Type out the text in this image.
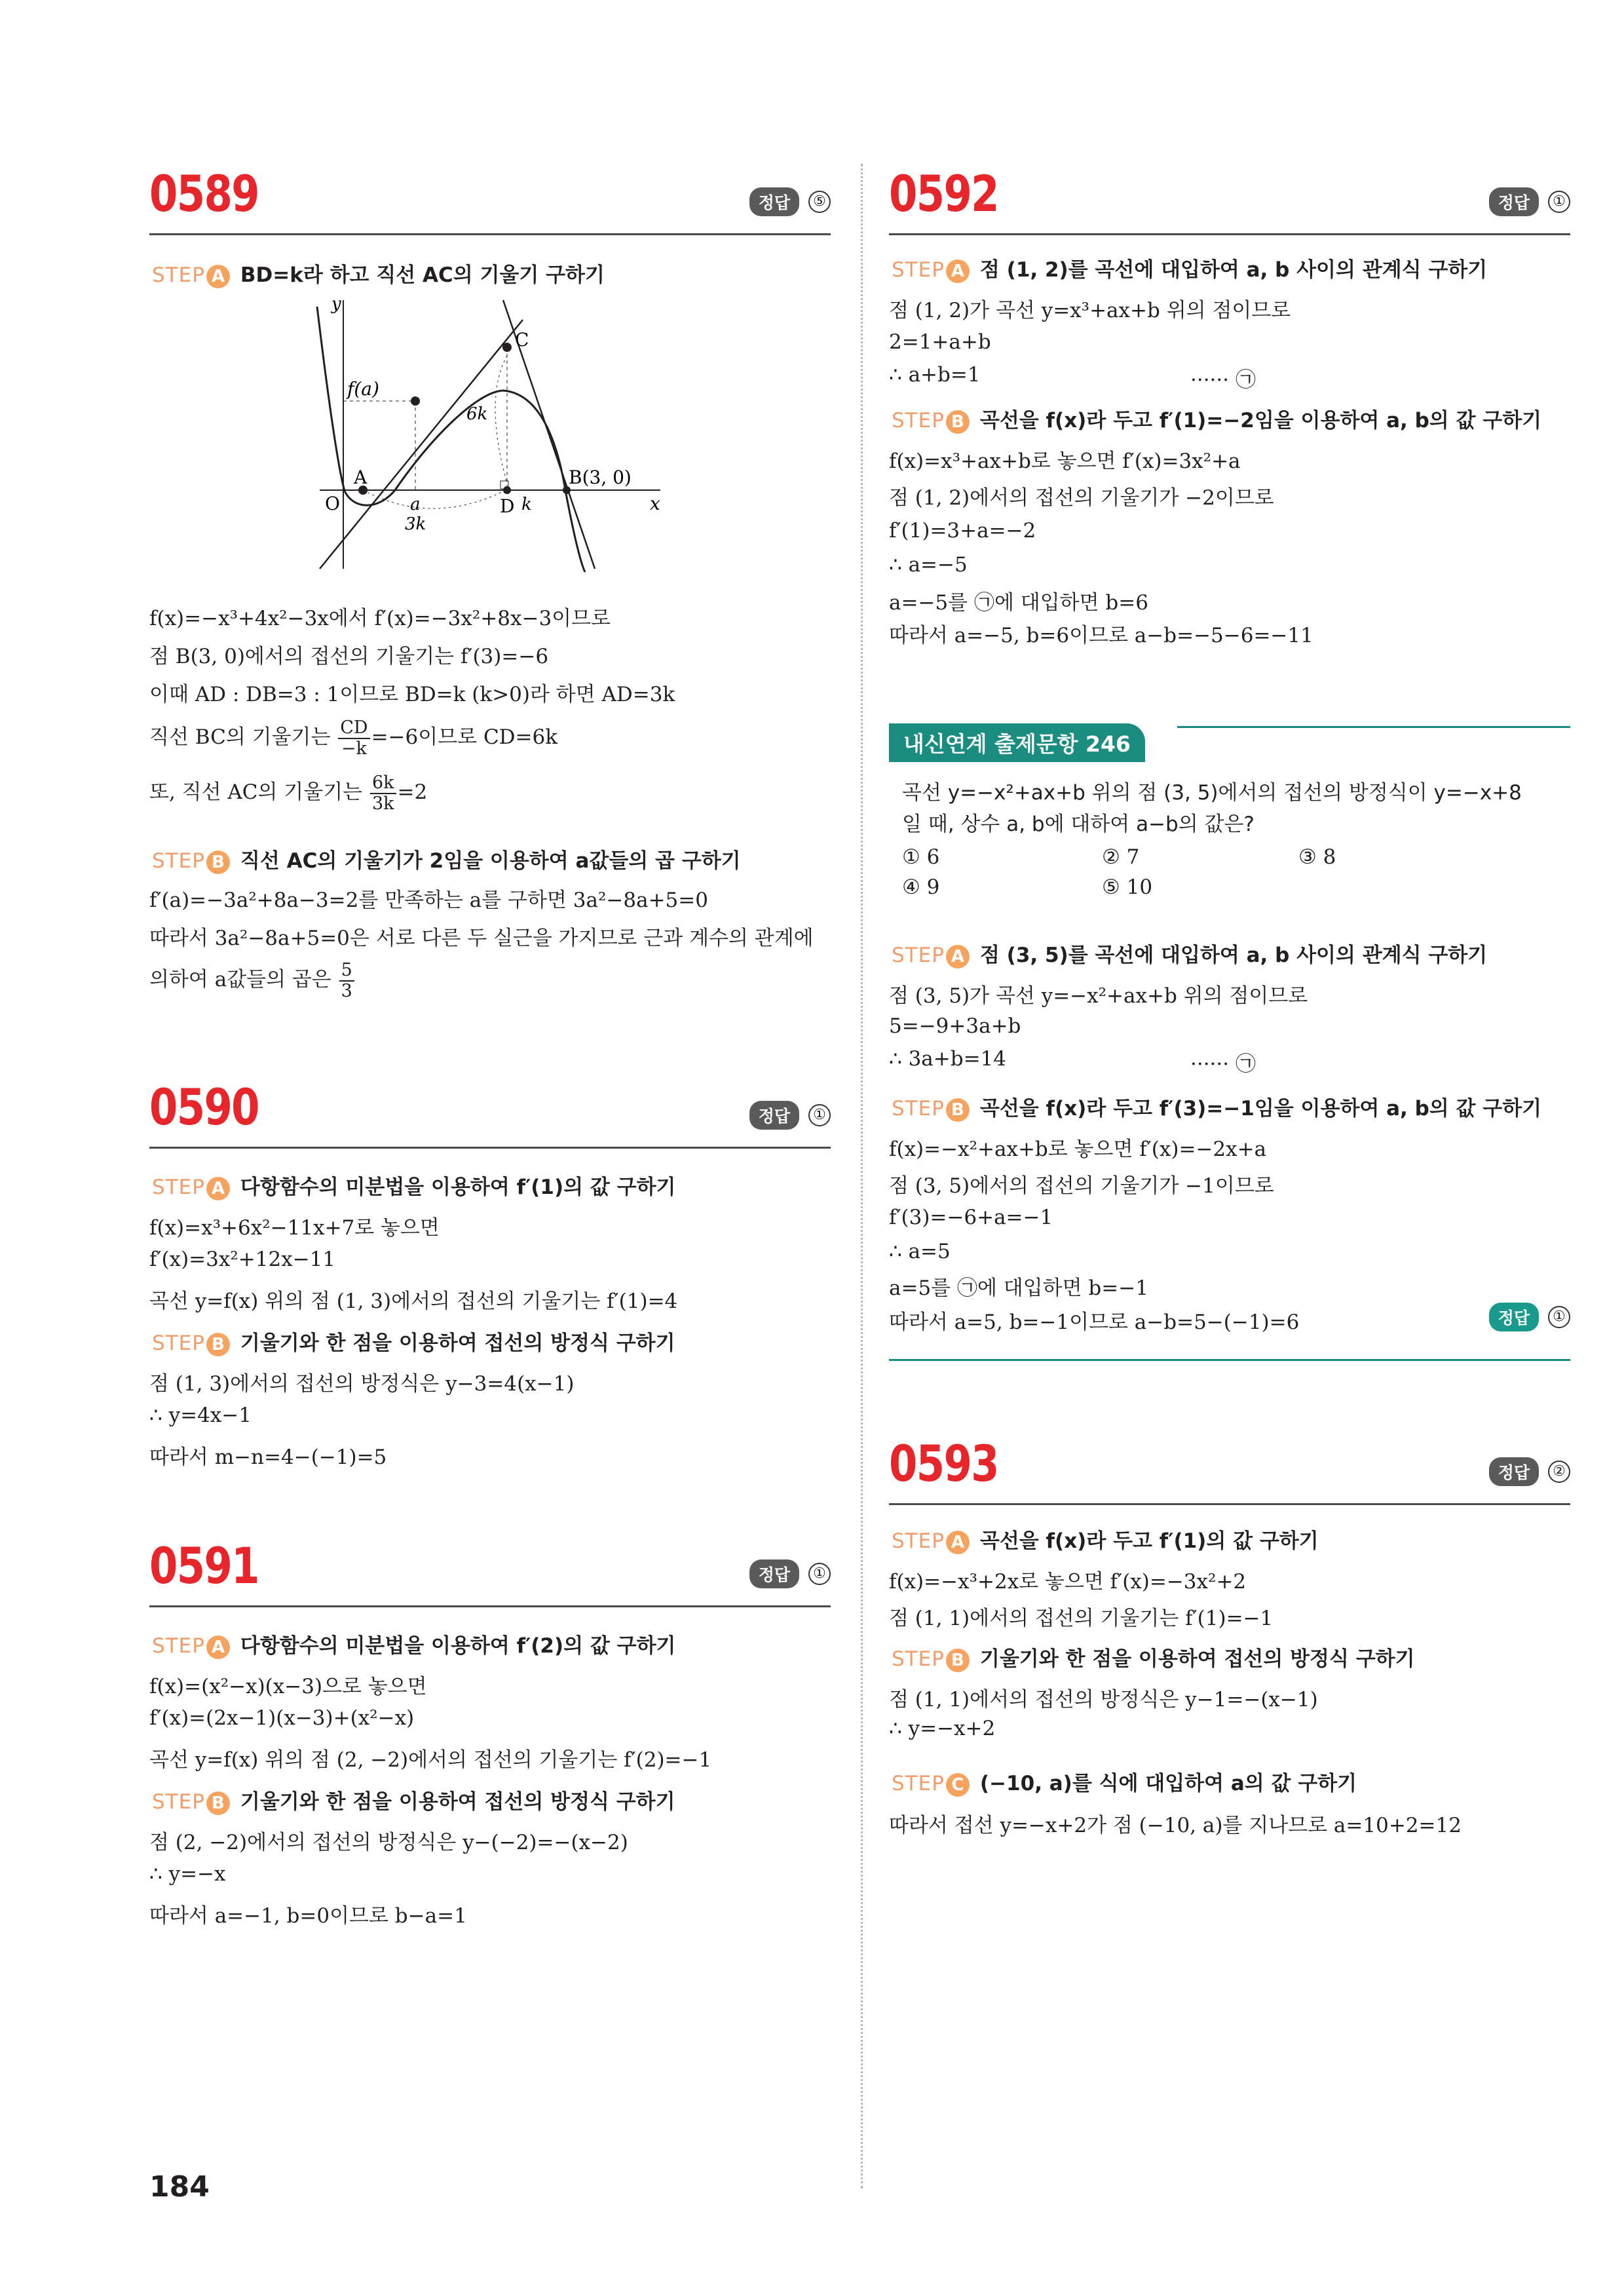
0589	정답	⑤
STEP A BD=k라 하고 직선 AC의 기울기 구하기
y
x
O
A
C
B(3, 0)
D
f(a)
a
3k
k
6k
f(x)=−x³+4x²−3x에서 f′(x)=−3x²+8x−3이므로
점 B(3, 0)에서의 접선의 기울기는 f′(3)=−6
이때 AD : DB=3 : 1이므로 BD=k (k>0)라 하면 AD=3k
직선 BC의 기울기는 $\frac{CD}{-k} =-6$이므로 CD=6k
또, 직선 AC의 기울기는 $\frac{6k}{3k} =2$
STEP B 직선 AC의 기울기가 2임을 이용하여 a값들의 곱 구하기
f′(a)=−3a²+8a−3=2를 만족하는 a를 구하면 3a²−8a+5=0
따라서 3a²−8a+5=0은 서로 다른 두 실근을 가지므로 근과 계수의 관계에
의하여 a값들의 곱은 $\frac{5}{3}$
0590	정답	①
STEP A 다항함수의 미분법을 이용하여 f′(1)의 값 구하기
f(x)=x³+6x²−11x+7로 놓으면
f′(x)=3x²+12x−11
곡선 y=f(x) 위의 점 (1, 3)에서의 접선의 기울기는 f′(1)=4
STEP B 기울기와 한 점을 이용하여 접선의 방정식 구하기
점 (1, 3)에서의 접선의 방정식은 y−3=4(x−1)
∴ y=4x−1
따라서 m−n=4−(−1)=5
0591	정답	①
STEP A 다항함수의 미분법을 이용하여 f′(2)의 값 구하기
f(x)=(x²−x)(x−3)으로 놓으면
f′(x)=(2x−1)(x−3)+(x²−x)
곡선 y=f(x) 위의 점 (2, −2)에서의 접선의 기울기는 f′(2)=−1
STEP B 기울기와 한 점을 이용하여 접선의 방정식 구하기
점 (2, −2)에서의 접선의 방정식은 y−(−2)=−(x−2)
∴ y=−x
따라서 a=−1, b=0이므로 b−a=1
0592	정답	①
STEP A 점 (1, 2)를 곡선에 대입하여 a, b 사이의 관계식 구하기
점 (1, 2)가 곡선 y=x³+ax+b 위의 점이므로
2=1+a+b
∴ a+b=1	······ ㉠
STEP B 곡선을 f(x)라 두고 f′(1)=−2임을 이용하여 a, b의 값 구하기
f(x)=x³+ax+b로 놓으면 f′(x)=3x²+a
점 (1, 2)에서의 접선의 기울기가 −2이므로
f′(1)=3+a=−2
∴ a=−5
a=−5를 ㉠에 대입하면 b=6
따라서 a=−5, b=6이므로 a−b=−5−6=−11
내신연계 출제문항 246
곡선 y=−x²+ax+b 위의 점 (3, 5)에서의 접선의 방정식이 y=−x+8
일 때, 상수 a, b에 대하여 a−b의 값은?
① 6	② 7	③ 8
④ 9	⑤ 10
STEP A 점 (3, 5)를 곡선에 대입하여 a, b 사이의 관계식 구하기
점 (3, 5)가 곡선 y=−x²+ax+b 위의 점이므로
5=−9+3a+b
∴ 3a+b=14	······ ㉠
STEP B 곡선을 f(x)라 두고 f′(3)=−1임을 이용하여 a, b의 값 구하기
f(x)=−x²+ax+b로 놓으면 f′(x)=−2x+a
점 (3, 5)에서의 접선의 기울기가 −1이므로
f′(3)=−6+a=−1
∴ a=5
a=5를 ㉠에 대입하면 b=−1
따라서 a=5, b=−1이므로 a−b=5−(−1)=6	정답	①
0593	정답	②
STEP A 곡선을 f(x)라 두고 f′(1)의 값 구하기
f(x)=−x³+2x로 놓으면 f′(x)=−3x²+2
점 (1, 1)에서의 접선의 기울기는 f′(1)=−1
STEP B 기울기와 한 점을 이용하여 접선의 방정식 구하기
점 (1, 1)에서의 접선의 방정식은 y−1=−(x−1)
∴ y=−x+2
STEP C (−10, a)를 식에 대입하여 a의 값 구하기
따라서 접선 y=−x+2가 점 (−10, a)를 지나므로 a=10+2=12
184
